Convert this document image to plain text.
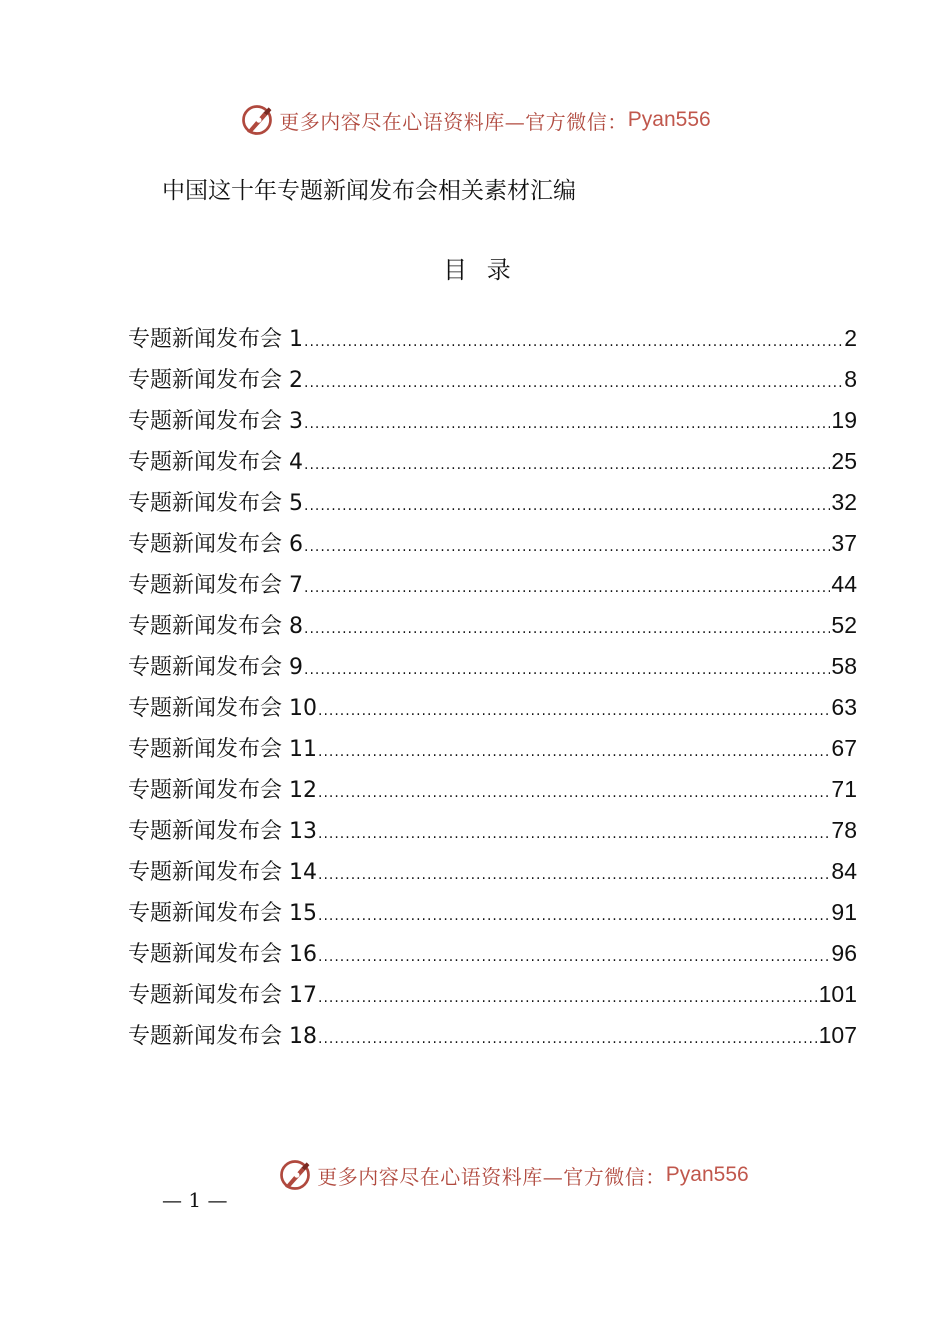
更多内容尽在心语资料库—官方微信： Pyan556
中国这十年专题新闻发布会相关素材汇编
目 录
专题新闻发布会 1 .....	2
专题新闻发布会 2 .....	8
专题新闻发布会 3 .....	19
专题新闻发布会 4 .....	25
专题新闻发布会 5 .....	32
专题新闻发布会 6 .....	37
专题新闻发布会 7 .....	44
专题新闻发布会 8 .....	52
专题新闻发布会 9 .....	58
专题新闻发布会 10 .....	63
专题新闻发布会 11 .....	67
专题新闻发布会 12 .....	71
专题新闻发布会 13 .....	78
专题新闻发布会 14 .....	84
专题新闻发布会 15 .....	91
专题新闻发布会 16 .....	96
专题新闻发布会 17 .....	101
专题新闻发布会 18 .....	107
更多内容尽在心语资料库—官方微信： Pyan556
— 1 —
